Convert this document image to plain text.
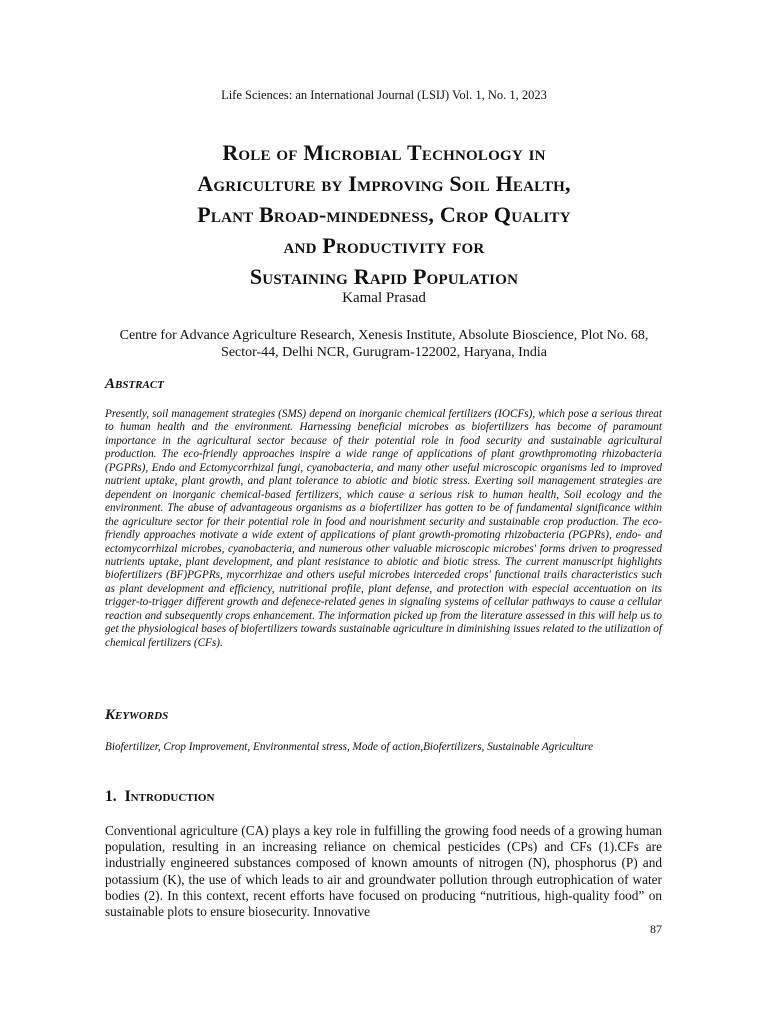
Life Sciences: an International Journal (LSIJ) Vol. 1, No. 1, 2023
Role of Microbial Technology in
Agriculture by Improving Soil Health,
Plant Broad-mindedness, Crop Quality
and Productivity for
Sustaining Rapid Population
Kamal Prasad
Centre for Advance Agriculture Research, Xenesis Institute, Absolute Bioscience, Plot No. 68, Sector-44, Delhi NCR, Gurugram-122002, Haryana, India
Abstract

Presently, soil management strategies (SMS) depend on inorganic chemical fertilizers (IOCFs), which pose a serious threat to human health and the environment. Harnessing beneficial microbes as biofertilizers has become of paramount importance in the agricultural sector because of their potential role in food security and sustainable agricultural production. The eco-friendly approaches inspire a wide range of applications of plant growthpromoting rhizobacteria (PGPRs), Endo and Ectomycorrhizal fungi, cyanobacteria, and many other useful microscopic organisms led to improved nutrient uptake, plant growth, and plant tolerance to abiotic and biotic stress. Exerting soil management strategies are dependent on inorganic chemical-based fertilizers, which cause a serious risk to human health, Soil ecology and the environment. The abuse of advantageous organisms as a biofertilizer has gotten to be of fundamental significance within the agriculture sector for their potential role in food and nourishment security and sustainable crop production. The eco-friendly approaches motivate a wide extent of applications of plant growth-promoting rhizobacteria (PGPRs), endo- and ectomycorrhizal microbes, cyanobacteria, and numerous other valuable microscopic microbes' forms driven to progressed nutrients uptake, plant development, and plant resistance to abiotic and biotic stress. The current manuscript highlights biofertilizers (BF)PGPRs, mycorrhizae and others useful microbes interceded crops' functional trails characteristics such as plant development and efficiency, nutritional profile, plant defense, and protection with especial accentuation on its trigger-to-trigger different growth and defenece-related genes in signaling systems of cellular pathways to cause a cellular reaction and subsequently crops enhancement. The information picked up from the literature assessed in this will help us to get the physiological bases of biofertilizers towards sustainable agriculture in diminishing issues related to the utilization of chemical fertilizers (CFs).

Keywords

Biofertilizer, Crop Improvement, Environmental stress, Mode of action,Biofertilizers, Sustainable Agriculture

1. Introduction

Conventional agriculture (CA) plays a key role in fulfilling the growing food needs of a growing human population, resulting in an increasing reliance on chemical pesticides (CPs) and CFs (1).CFs are industrially engineered substances composed of known amounts of nitrogen (N), phosphorus (P) and potassium (K), the use of which leads to air and groundwater pollution through eutrophication of water bodies (2). In this context, recent efforts have focused on producing “nutritious, high-quality food” on sustainable plots to ensure biosecurity. Innovative

87
